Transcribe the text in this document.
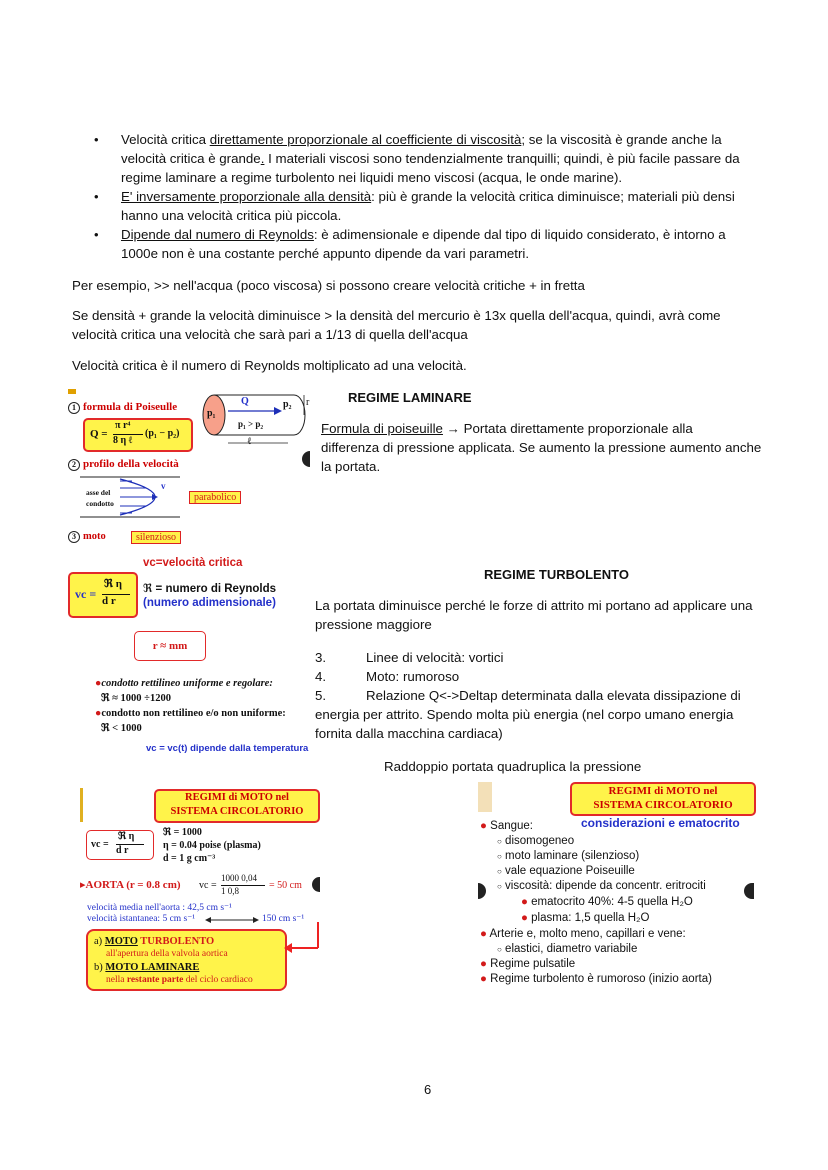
• Velocità critica direttamente proporzionale al coefficiente di viscosità; se la viscosità è grande anche la
velocità critica è grande. I materiali viscosi sono tendenzialmente tranquilli; quindi, è più facile passare da
regime laminare a regime turbolento nei liquidi meno viscosi (acqua, le onde marine).
• E' inversamente proporzionale alla densità: più è grande la velocità critica diminuisce; materiali più densi
hanno una velocità critica più piccola.
• Dipende dal numero di Reynolds: è adimensionale e dipende dal tipo di liquido considerato, è intorno a
1000e non è una costante perché appunto dipende da vari parametri.
Per esempio, >> nell'acqua (poco viscosa) si possono creare velocità critiche + in fretta
Se densità + grande la velocità diminuisce > la densità del mercurio è 13x quella dell'acqua, quindi, avrà come
velocità critica una velocità che sarà pari a 1/13 di quella dell'acqua
Velocità critica è il numero di Reynolds moltiplicato ad una velocità.
REGIME LAMINARE
Formula di poiseuille → Portata direttamente proporzionale alla
differenza di pressione applicata. Se aumento la pressione aumento anche
la portata.
REGIME TURBOLENTO
La portata diminuisce perché le forze di attrito mi portano ad applicare una
pressione maggiore
3.	Linee di velocità: vortici
4.	Moto: rumoroso
5.	Relazione Q<->Deltap determinata dalla elevata dissipazione di
energia per attrito. Spendo molta più energia (nel corpo umano energia
fornita dalla macchina cardiaca)
Raddoppio portata quadruplica la pressione
1 formula di Poiseulle
Q =
π r⁴
8 η ℓ
(p₁ − p₂)
p₁
p₂
Q
p₁ > p₂
r
ℓ
2 profilo della velocità
asse del
condotto
v
parabolico
3 moto	silenzioso
vc=velocità critica
vc =
ℜ η
d r
ℜ = numero di Reynolds
(numero adimensionale)
r ≈ mm
●condotto rettilineo uniforme e regolare:
ℜ ≈ 1000 ÷1200
●condotto non rettilineo e/o non uniforme:
ℜ < 1000
vc = vc(t) dipende dalla temperatura
REGIMI di MOTO nel
SISTEMA CIRCOLATORIO
vc =
ℜ η
d r
ℜ = 1000
η = 0.04 poise (plasma)
d = 1 g cm⁻³
▸AORTA (r = 0.8 cm) vc =
1000 0,04
1 0,8	= 50 cm
velocità media nell'aorta : 42,5 cm s⁻¹
velocità istantanea: 5 cm s⁻¹	150 cm s⁻¹
a) MOTO TURBOLENTO
all'apertura della valvola aortica
b) MOTO LAMINARE
nella restante parte del ciclo cardiaco
REGIMI di MOTO nel
SISTEMA CIRCOLATORIO
considerazioni e ematocrito
● Sangue:
○ disomogeneo
○ moto laminare (silenzioso)
○ vale equazione Poiseuille
○ viscosità: dipende da concentr. eritrociti
● ematocrito 40%: 4-5 quella H₂O
● plasma: 1,5 quella H₂O
● Arterie e, molto meno, capillari e vene:
○ elastici, diametro variabile
● Regime pulsatile
● Regime turbolento è rumoroso (inizio aorta)
6
